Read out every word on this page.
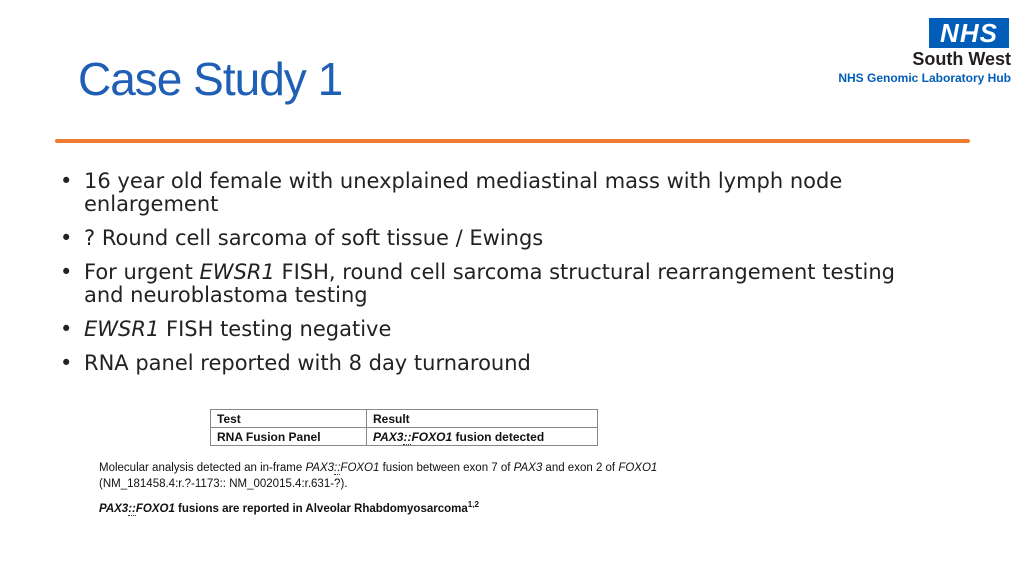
Case Study 1
NHS
South West
NHS Genomic Laboratory Hub
• 16 year old female with unexplained mediastinal mass with lymph node enlargement
• ? Round cell sarcoma of soft tissue / Ewings
• For urgent EWSR1 FISH, round cell sarcoma structural rearrangement testing and neuroblastoma testing
• EWSR1 FISH testing negative
• RNA panel reported with 8 day turnaround
Test	Result
RNA Fusion Panel	PAX3::FOXO1 fusion detected

Molecular analysis detected an in-frame PAX3::FOXO1 fusion between exon 7 of PAX3 and exon 2 of FOXO1 (NM_181458.4:r.?-1173:: NM_002015.4:r.631-?).

PAX3::FOXO1 fusions are reported in Alveolar Rhabdomyosarcoma$^{1,2}$
